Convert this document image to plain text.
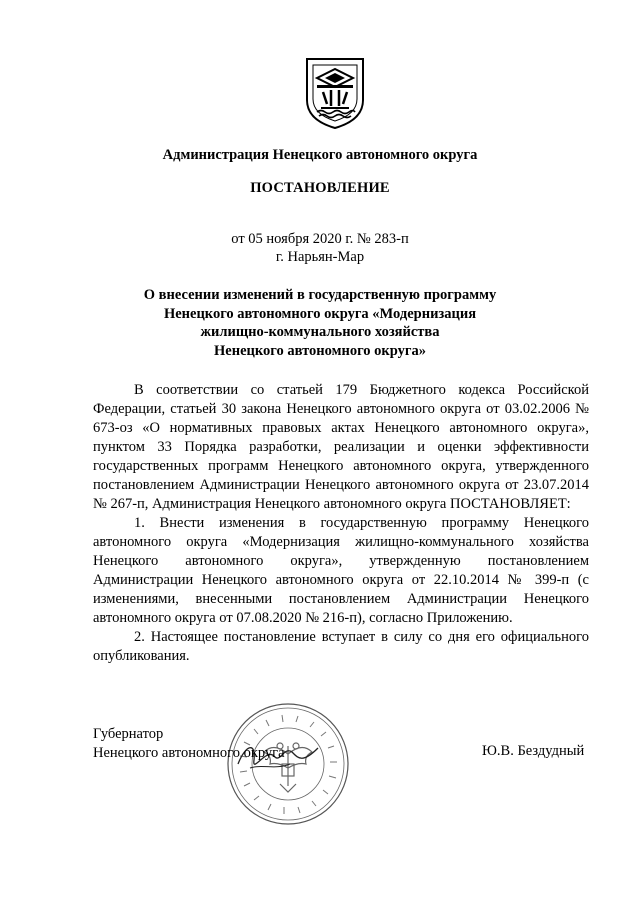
Администрация Ненецкого автономного округа
ПОСТАНОВЛЕНИЕ
от 05 ноября 2020 г. № 283-п
г. Нарьян-Мар
О внесении изменений в государственную программу
Ненецкого автономного округа «Модернизация
жилищно-коммунального хозяйства
Ненецкого автономного округа»

В соответствии со статьей 179 Бюджетного кодекса Российской Федерации, статьей 30 закона Ненецкого автономного округа от 03.02.2006 № 673-оз «О нормативных правовых актах Ненецкого автономного округа», пунктом 33 Порядка разработки, реализации и оценки эффективности государственных программ Ненецкого автономного округа, утвержденного постановлением Администрации Ненецкого автономного округа от 23.07.2014 № 267-п, Администрация Ненецкого автономного округа ПОСТАНОВЛЯЕТ:

1. Внести изменения в государственную программу Ненецкого автономного округа «Модернизация жилищно-коммунального хозяйства Ненецкого автономного округа», утвержденную постановлением Администрации Ненецкого автономного округа от 22.10.2014 № 399-п (с изменениями, внесенными постановлением Администрации Ненецкого автономного округа от 07.08.2020 № 216-п), согласно Приложению.

2. Настоящее постановление вступает в силу со дня его официального опубликования.

Губернатор
Ненецкого автономного округа	Ю.В. Бездудный
